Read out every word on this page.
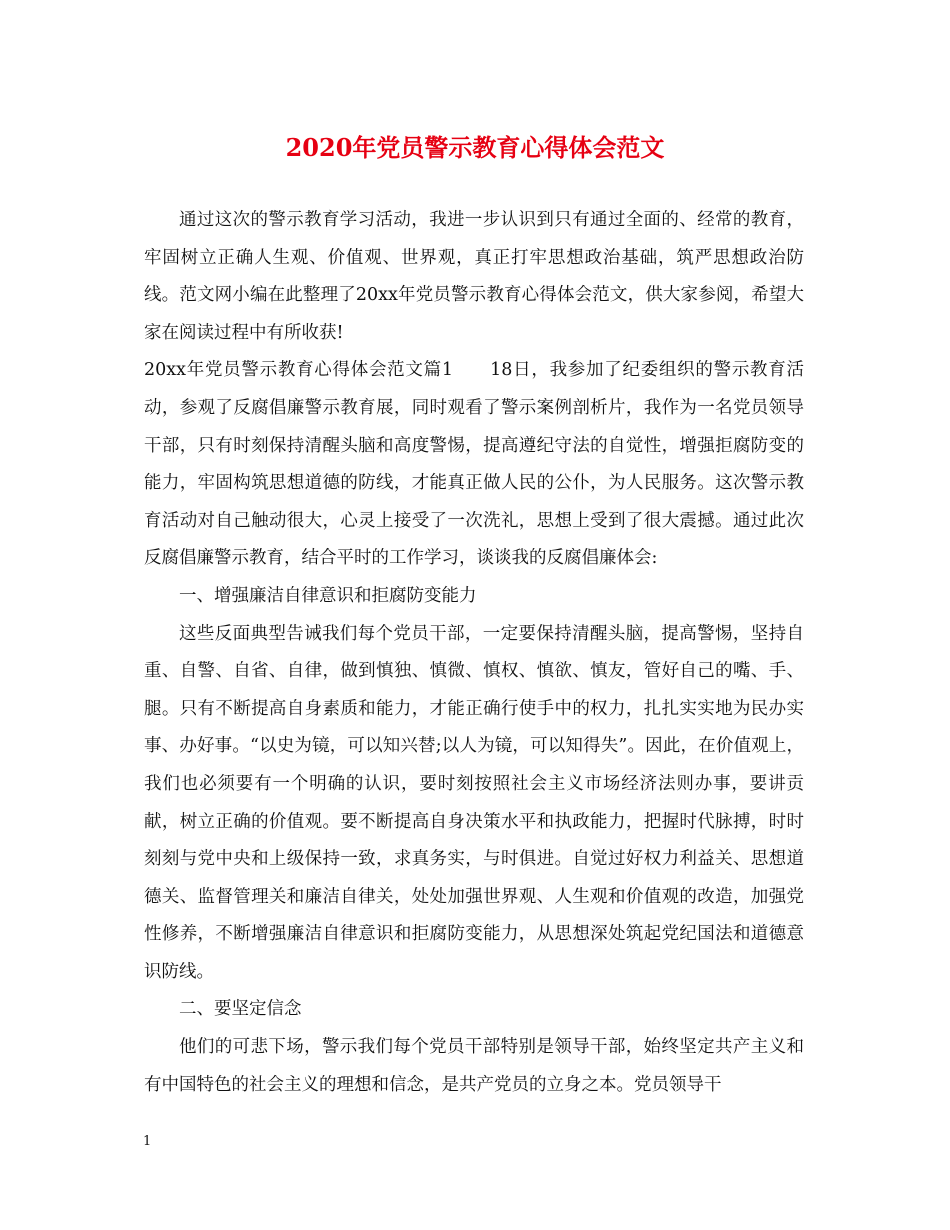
2020年党员警示教育心得体会范文

通过这次的警示教育学习活动，我进一步认识到只有通过全面的、经常的教育，牢固树立正确人生观、价值观、世界观，真正打牢思想政治基础，筑严思想政治防线。范文网小编在此整理了20xx年党员警示教育心得体会范文，供大家参阅，希望大家在阅读过程中有所收获!

20xx年党员警示教育心得体会范文篇1　　18日，我参加了纪委组织的警示教育活动，参观了反腐倡廉警示教育展，同时观看了警示案例剖析片，我作为一名党员领导干部，只有时刻保持清醒头脑和高度警惕，提高遵纪守法的自觉性，增强拒腐防变的能力，牢固构筑思想道德的防线，才能真正做人民的公仆，为人民服务。这次警示教育活动对自己触动很大，心灵上接受了一次洗礼，思想上受到了很大震撼。通过此次反腐倡廉警示教育，结合平时的工作学习，谈谈我的反腐倡廉体会:

一、增强廉洁自律意识和拒腐防变能力

这些反面典型告诫我们每个党员干部，一定要保持清醒头脑，提高警惕，坚持自重、自警、自省、自律，做到慎独、慎微、慎权、慎欲、慎友，管好自己的嘴、手、腿。只有不断提高自身素质和能力，才能正确行使手中的权力，扎扎实实地为民办实事、办好事。“以史为镜，可以知兴替;以人为镜，可以知得失”。因此，在价值观上，我们也必须要有一个明确的认识，要时刻按照社会主义市场经济法则办事，要讲贡献，树立正确的价值观。要不断提高自身决策水平和执政能力，把握时代脉搏，时时刻刻与党中央和上级保持一致，求真务实，与时俱进。自觉过好权力利益关、思想道德关、监督管理关和廉洁自律关，处处加强世界观、人生观和价值观的改造，加强党性修养，不断增强廉洁自律意识和拒腐防变能力，从思想深处筑起党纪国法和道德意识防线。

二、要坚定信念

他们的可悲下场，警示我们每个党员干部特别是领导干部，始终坚定共产主义和有中国特色的社会主义的理想和信念，是共产党员的立身之本。党员领导干

1
